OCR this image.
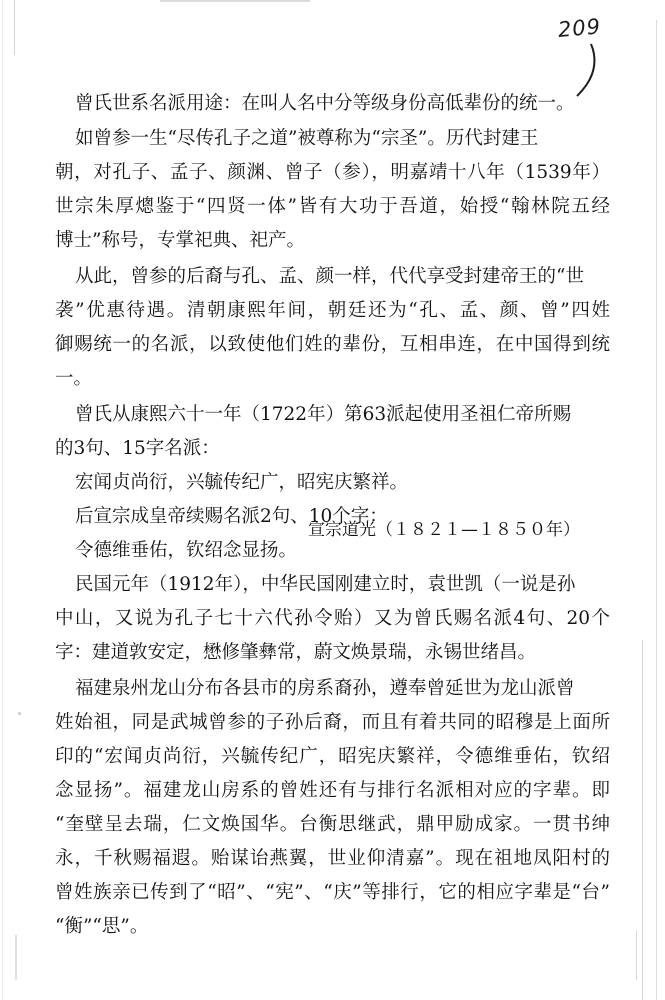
209
曾氏世系名派用途：在叫人名中分等级身份高低辈份的统一。
如曾参一生“尽传孔子之道”被尊称为“宗圣”。历代封建王
朝，对孔子、孟子、颜渊、曾子（参），明嘉靖十八年（1539年）
世宗朱厚熜鉴于“四贤一体”皆有大功于吾道，始授“翰林院五经
博士”称号，专掌祀典、祀产。
从此，曾参的后裔与孔、孟、颜一样，代代享受封建帝王的“世
袭”优惠待遇。清朝康熙年间，朝廷还为“孔、孟、颜、曾”四姓
御赐统一的名派，以致使他们姓的辈份，互相串连，在中国得到统
一。
曾氏从康熙六十一年（1722年）第63派起使用圣祖仁帝所赐
的3句、15字名派：
宏闻贞尚衍，兴毓传纪广，昭宪庆繁祥。
后宣宗成皇帝续赐名派2句、10个字：
令德维垂佑，钦绍念显扬。
宣宗道光（１８２１—１８５０年）
民国元年（1912年），中华民国刚建立时，袁世凯（一说是孙
中山，又说为孔子七十六代孙令贻）又为曾氏赐名派4句、20个
字：建道敦安定，懋修肇彝常，蔚文焕景瑞，永锡世绪昌。
福建泉州龙山分布各县市的房系裔孙，遵奉曾延世为龙山派曾
姓始祖，同是武城曾参的子孙后裔，而且有着共同的昭穆是上面所
印的“宏闻贞尚衍，兴毓传纪广，昭宪庆繁祥，令德维垂佑，钦绍
念显扬”。福建龙山房系的曾姓还有与排行名派相对应的字辈。即
“奎壁呈去瑞，仁文焕国华。台衡思继武，鼎甲励成家。一贯书绅
永，千秋赐福遐。贻谋诒燕翼，世业仰清嘉”。现在祖地凤阳村的
曾姓族亲已传到了“昭”、“宪”、“庆”等排行，它的相应字辈是“台”
“衡”“思”。
